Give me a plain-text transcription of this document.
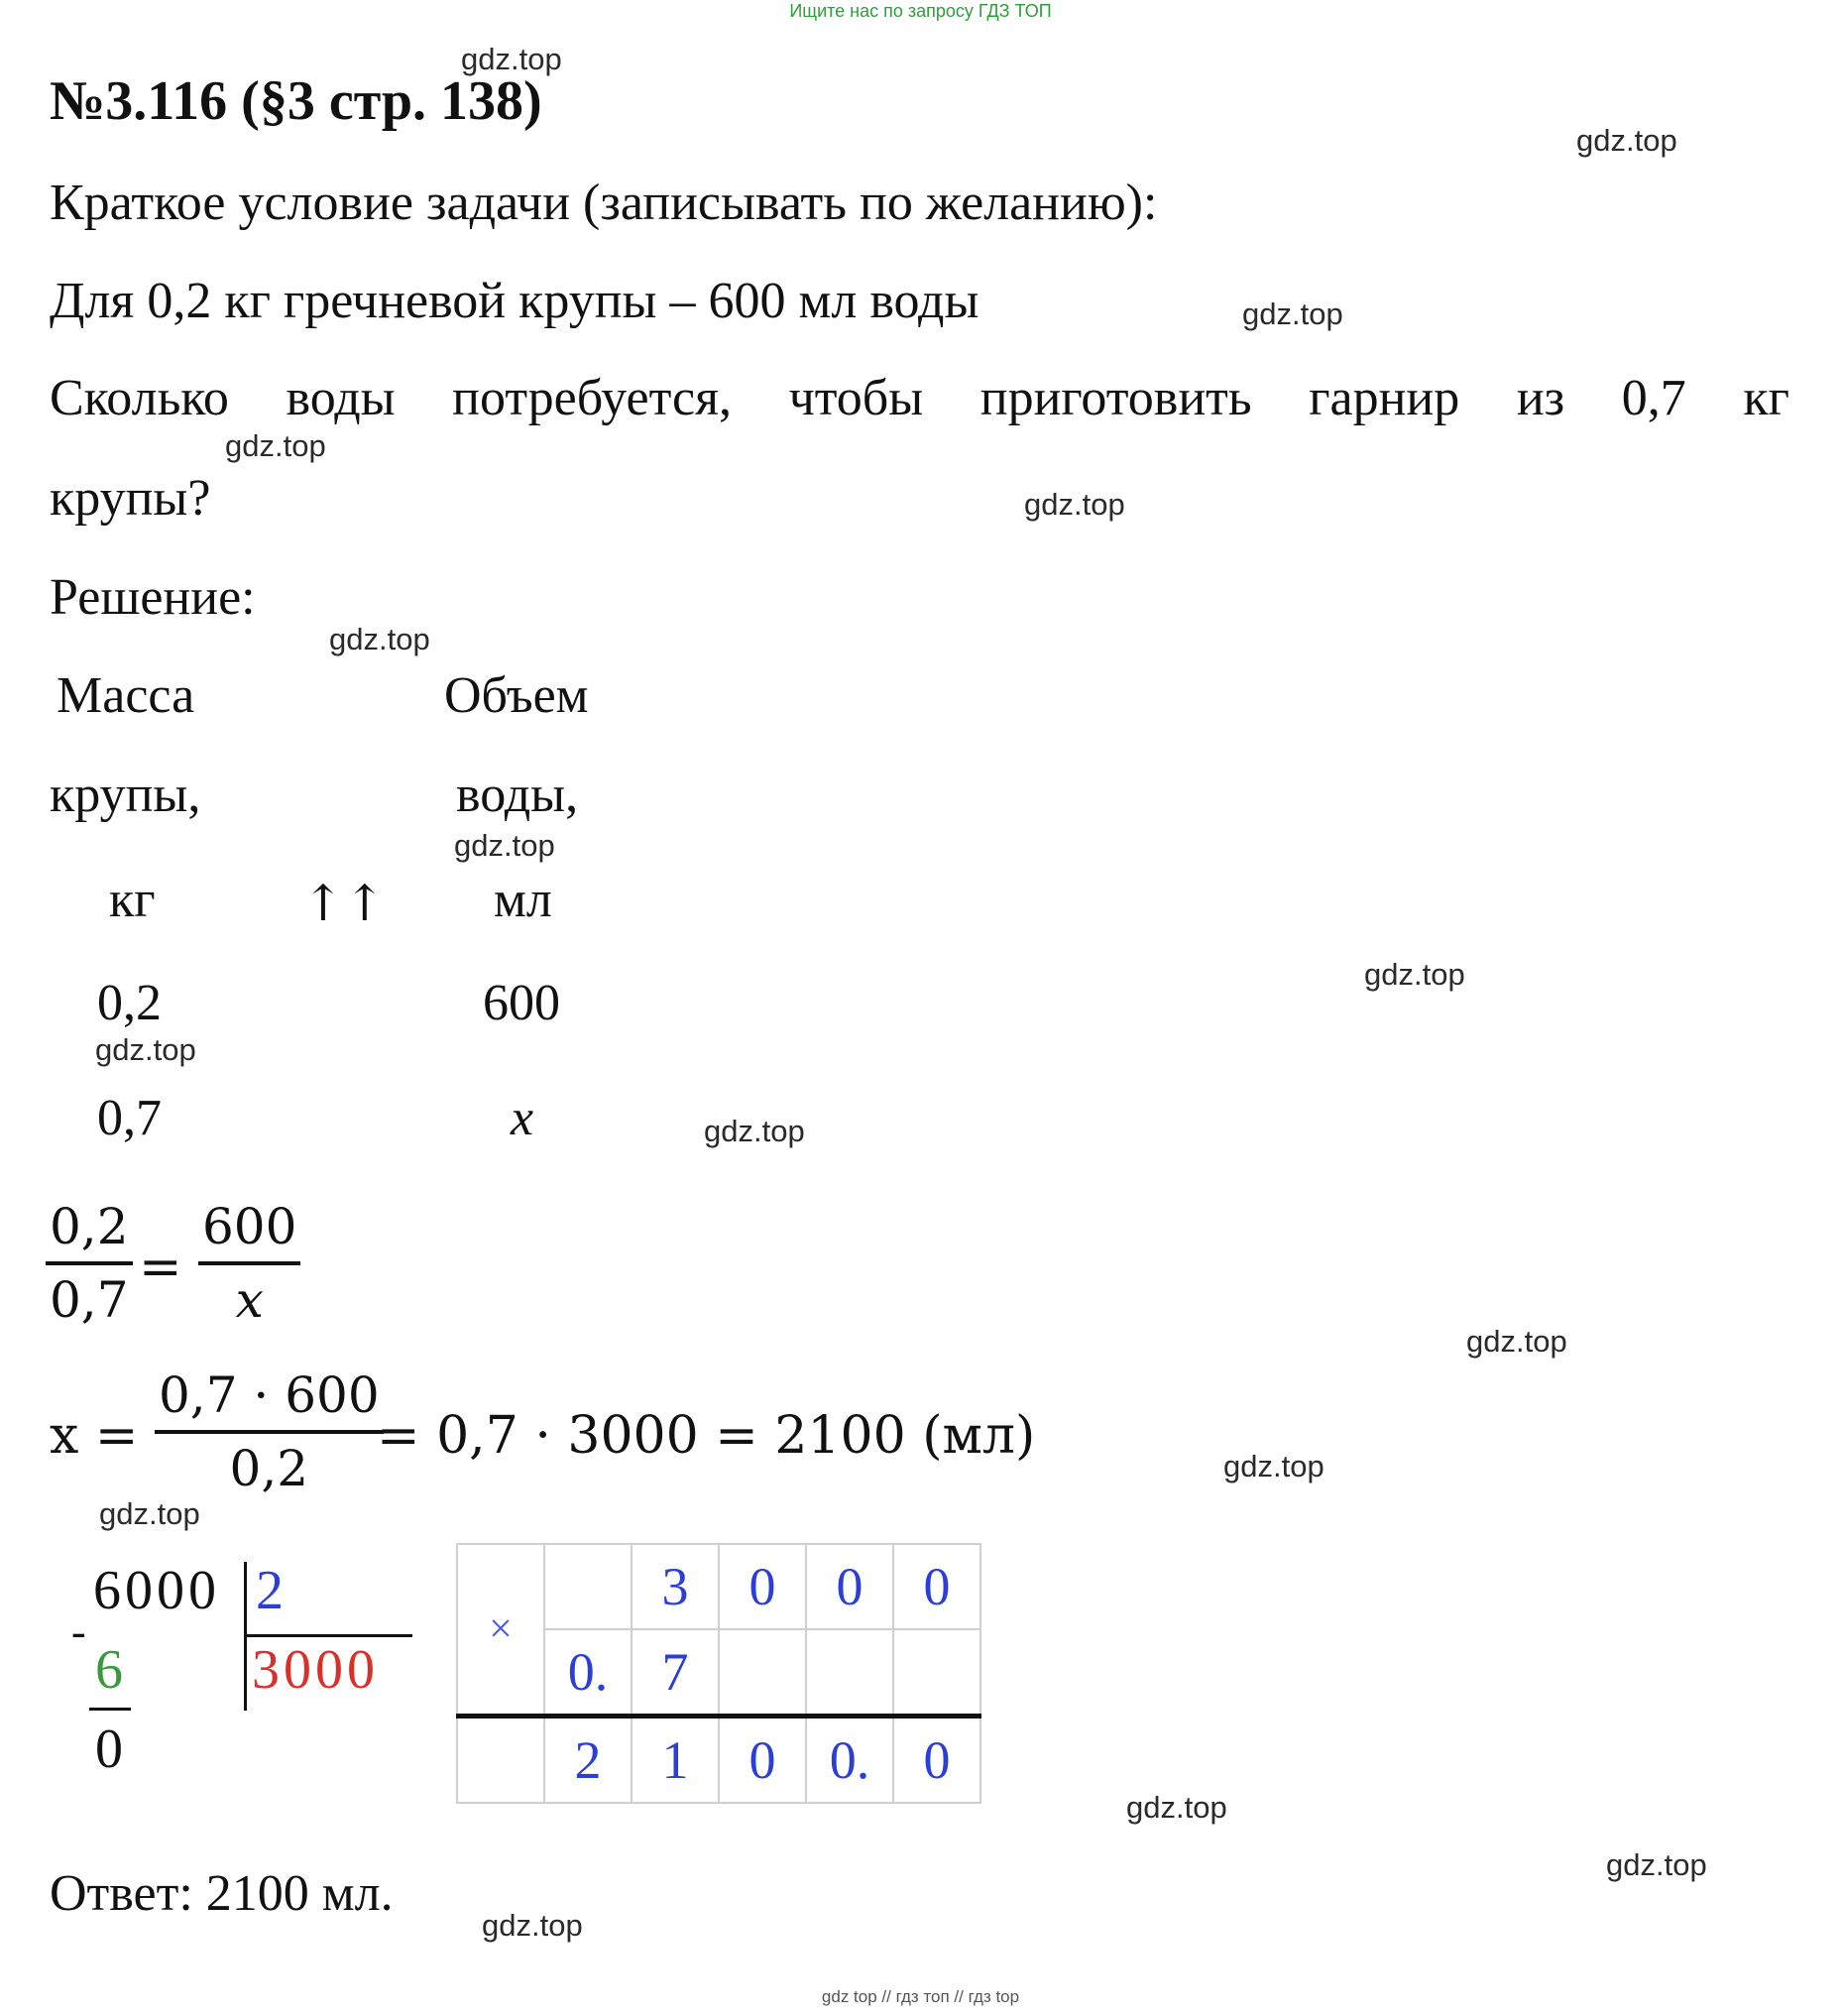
Ищите нас по запросу ГДЗ ТОП
gdz top // гдз топ // гдз top
№3.116 (§3 стр. 138)
Краткое условие задачи (записывать по желанию):
Для 0,2 кг гречневой крупы – 600 мл воды
Сколько воды потребуется, чтобы приготовить гарнир из 0,7 кг
крупы?
Решение:
Масса	Объем
крупы,	воды,
кг	↑↑ мл
0,2	600
0,7	x
0,2
0,7
=
600
x
x =
0,7 · 600
0,2
= 0,7 · 3000 = 2100 (мл)
6000
-
6
0
2
3000
×		3	0	0	0
	0.	7			
	2	1	0	0.	0
Ответ: 2100 мл.
gdz.top
gdz.top
gdz.top
gdz.top
gdz.top
gdz.top
gdz.top
gdz.top
gdz.top
gdz.top
gdz.top
gdz.top
gdz.top
gdz.top
gdz.top
gdz.top
